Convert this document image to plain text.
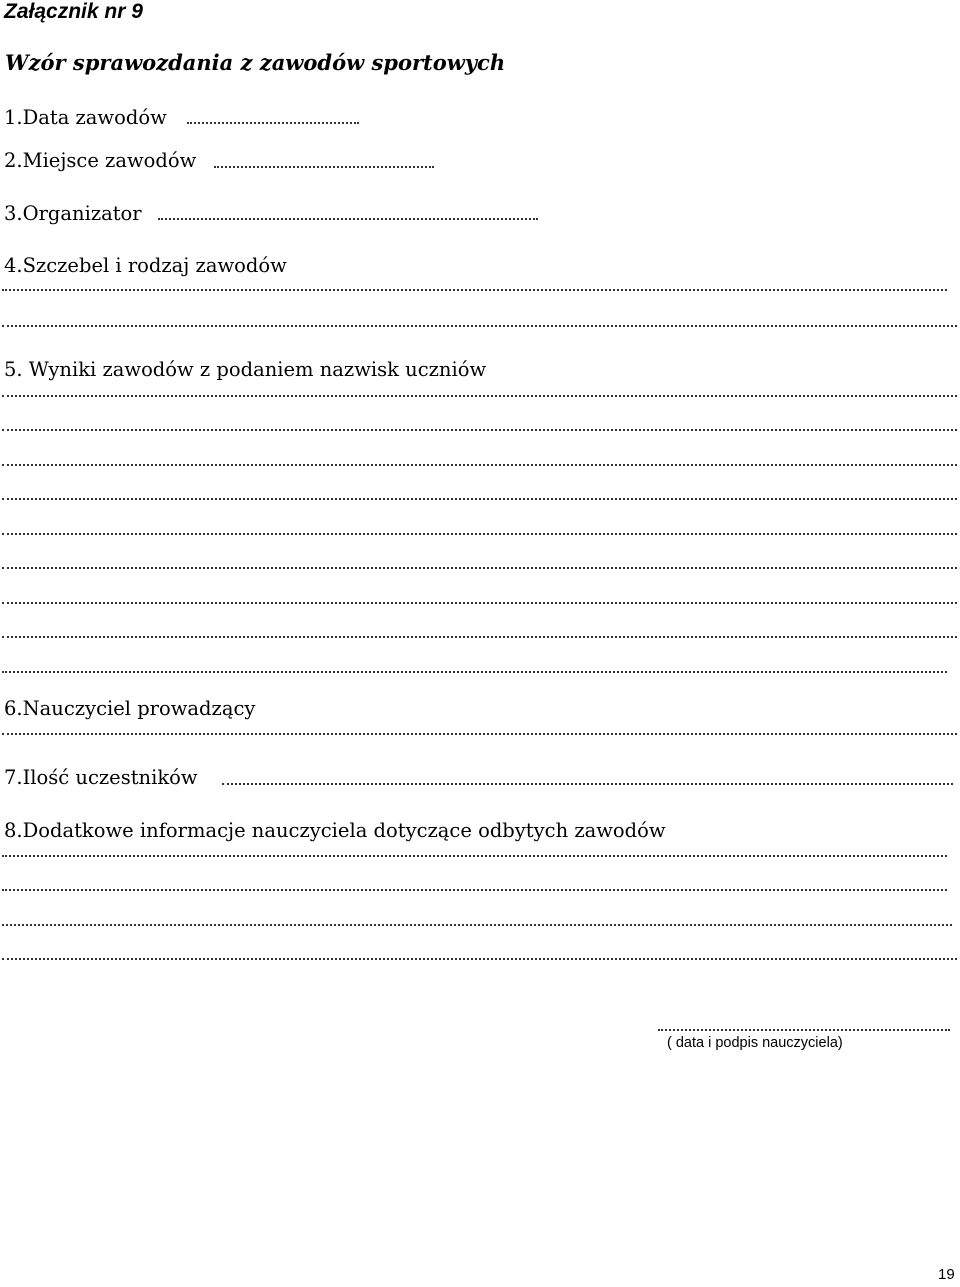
Załącznik nr 9
Wzór sprawozdania z zawodów sportowych
1.Data zawodów
2.Miejsce zawodów
3.Organizator
4.Szczebel i rodzaj zawodów
5. Wyniki zawodów z podaniem nazwisk uczniów
6.Nauczyciel prowadzący
7.Ilość uczestników
8.Dodatkowe informacje nauczyciela dotyczące odbytych zawodów
( data i podpis nauczyciela)
19
